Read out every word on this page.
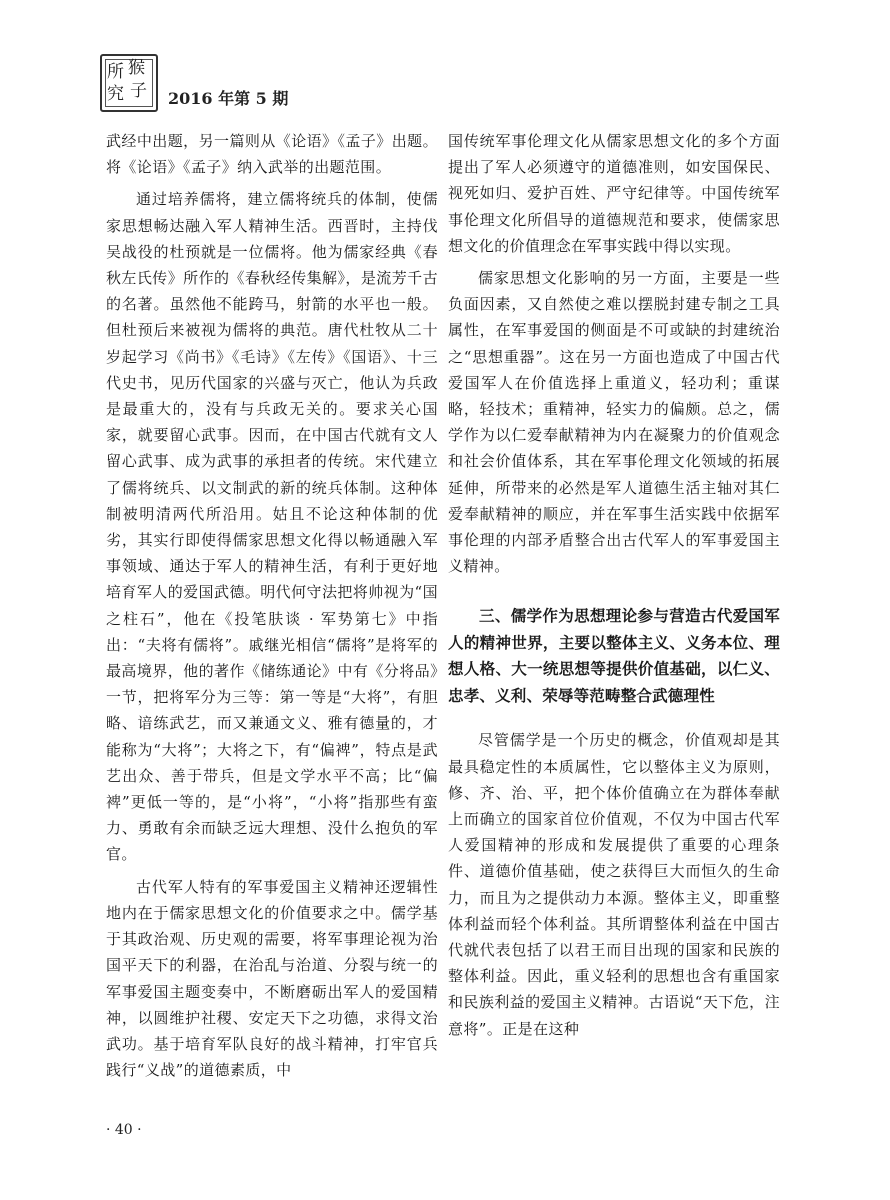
所 猴
究 子 2016 年第 5 期

武经中出题，另一篇则从《论语》《孟子》出题。将《论语》《孟子》纳入武举的出题范围。

通过培养儒将，建立儒将统兵的体制，使儒家思想畅达融入军人精神生活。西晋时，主持伐吴战役的杜预就是一位儒将。他为儒家经典《春秋左氏传》所作的《春秋经传集解》，是流芳千古的名著。虽然他不能跨马，射箭的水平也一般。但杜预后来被视为儒将的典范。唐代杜牧从二十岁起学习《尚书》《毛诗》《左传》《国语》、十三代史书，见历代国家的兴盛与灭亡，他认为兵政是最重大的，没有与兵政无关的。要求关心国家，就要留心武事。因而，在中国古代就有文人留心武事、成为武事的承担者的传统。宋代建立了儒将统兵、以文制武的新的统兵体制。这种体制被明清两代所沿用。姑且不论这种体制的优劣，其实行即使得儒家思想文化得以畅通融入军事领域、通达于军人的精神生活，有利于更好地培育军人的爱国武德。明代何守法把将帅视为“国之柱石”，他在《投笔肤谈 · 军势第七》中指出：“夫将有儒将”。戚继光相信“儒将”是将军的最高境界，他的著作《储练通论》中有《分将品》一节，把将军分为三等：第一等是“大将”，有胆略、谙练武艺，而又兼通文义、雅有德量的，才能称为“大将”；大将之下，有“偏裨”，特点是武艺出众、善于带兵，但是文学水平不高；比“偏裨”更低一等的，是“小将”，“小将”指那些有蛮力、勇敢有余而缺乏远大理想、没什么抱负的军官。

古代军人特有的军事爱国主义精神还逻辑性地内在于儒家思想文化的价值要求之中。儒学基于其政治观、历史观的需要，将军事理论视为治国平天下的利器，在治乱与治道、分裂与统一的军事爱国主题变奏中，不断磨砺出军人的爱国精神，以圆维护社稷、安定天下之功德，求得文治武功。基于培育军队良好的战斗精神，打牢官兵践行“义战”的道德素质，中

国传统军事伦理文化从儒家思想文化的多个方面提出了军人必须遵守的道德准则，如安国保民、视死如归、爱护百姓、严守纪律等。中国传统军事伦理文化所倡导的道德规范和要求，使儒家思想文化的价值理念在军事实践中得以实现。

儒家思想文化影响的另一方面，主要是一些负面因素，又自然使之难以摆脱封建专制之工具属性，在军事爱国的侧面是不可或缺的封建统治之“思想重器”。这在另一方面也造成了中国古代爱国军人在价值选择上重道义，轻功利；重谋略，轻技术；重精神，轻实力的偏颇。总之，儒学作为以仁爱奉献精神为内在凝聚力的价值观念和社会价值体系，其在军事伦理文化领域的拓展延伸，所带来的必然是军人道德生活主轴对其仁爱奉献精神的顺应，并在军事生活实践中依据军事伦理的内部矛盾整合出古代军人的军事爱国主义精神。

三、儒学作为思想理论参与营造古代爱国军人的精神世界，主要以整体主义、义务本位、理想人格、大一统思想等提供价值基础，以仁义、忠孝、义利、荣辱等范畴整合武德理性

尽管儒学是一个历史的概念，价值观却是其最具稳定性的本质属性，它以整体主义为原则，修、齐、治、平，把个体价值确立在为群体奉献上而确立的国家首位价值观，不仅为中国古代军人爱国精神的形成和发展提供了重要的心理条件、道德价值基础，使之获得巨大而恒久的生命力，而且为之提供动力本源。整体主义，即重整体利益而轻个体利益。其所谓整体利益在中国古代就代表包括了以君王而目出现的国家和民族的整体利益。因此，重义轻利的思想也含有重国家和民族利益的爱国主义精神。古语说“天下危，注意将”。正是在这种

· 40 ·
